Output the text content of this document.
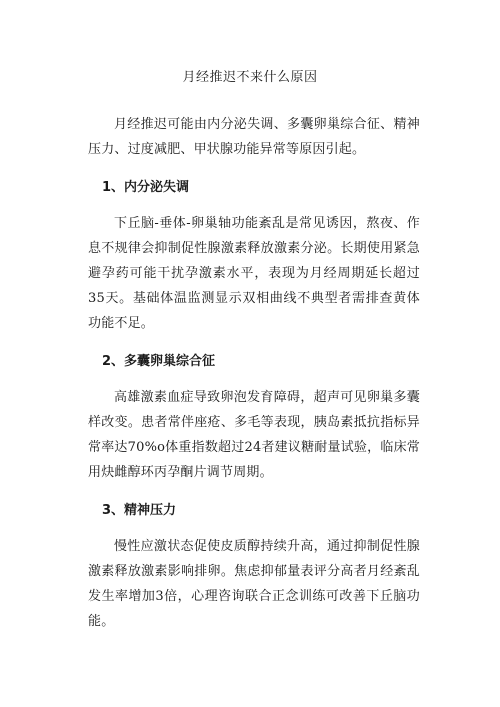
月经推迟不来什么原因

月经推迟可能由内分泌失调、多囊卵巢综合征、精神压力、过度减肥、甲状腺功能异常等原因引起。

1、内分泌失调

下丘脑-垂体-卵巢轴功能紊乱是常见诱因，熬夜、作息不规律会抑制促性腺激素释放激素分泌。长期使用紧急避孕药可能干扰孕激素水平，表现为月经周期延长超过35天。基础体温监测显示双相曲线不典型者需排查黄体功能不足。

2、多囊卵巢综合征

高雄激素血症导致卵泡发育障碍，超声可见卵巢多囊样改变。患者常伴座疮、多毛等表现，胰岛素抵抗指标异常率达70%o体重指数超过24者建议糖耐量试验，临床常用炔雌醇环丙孕酮片调节周期。

3、精神压力

慢性应激状态促使皮质醇持续升高，通过抑制促性腺激素释放激素影响排卵。焦虑抑郁量表评分高者月经紊乱发生率增加3倍，心理咨询联合正念训练可改善下丘脑功能。
